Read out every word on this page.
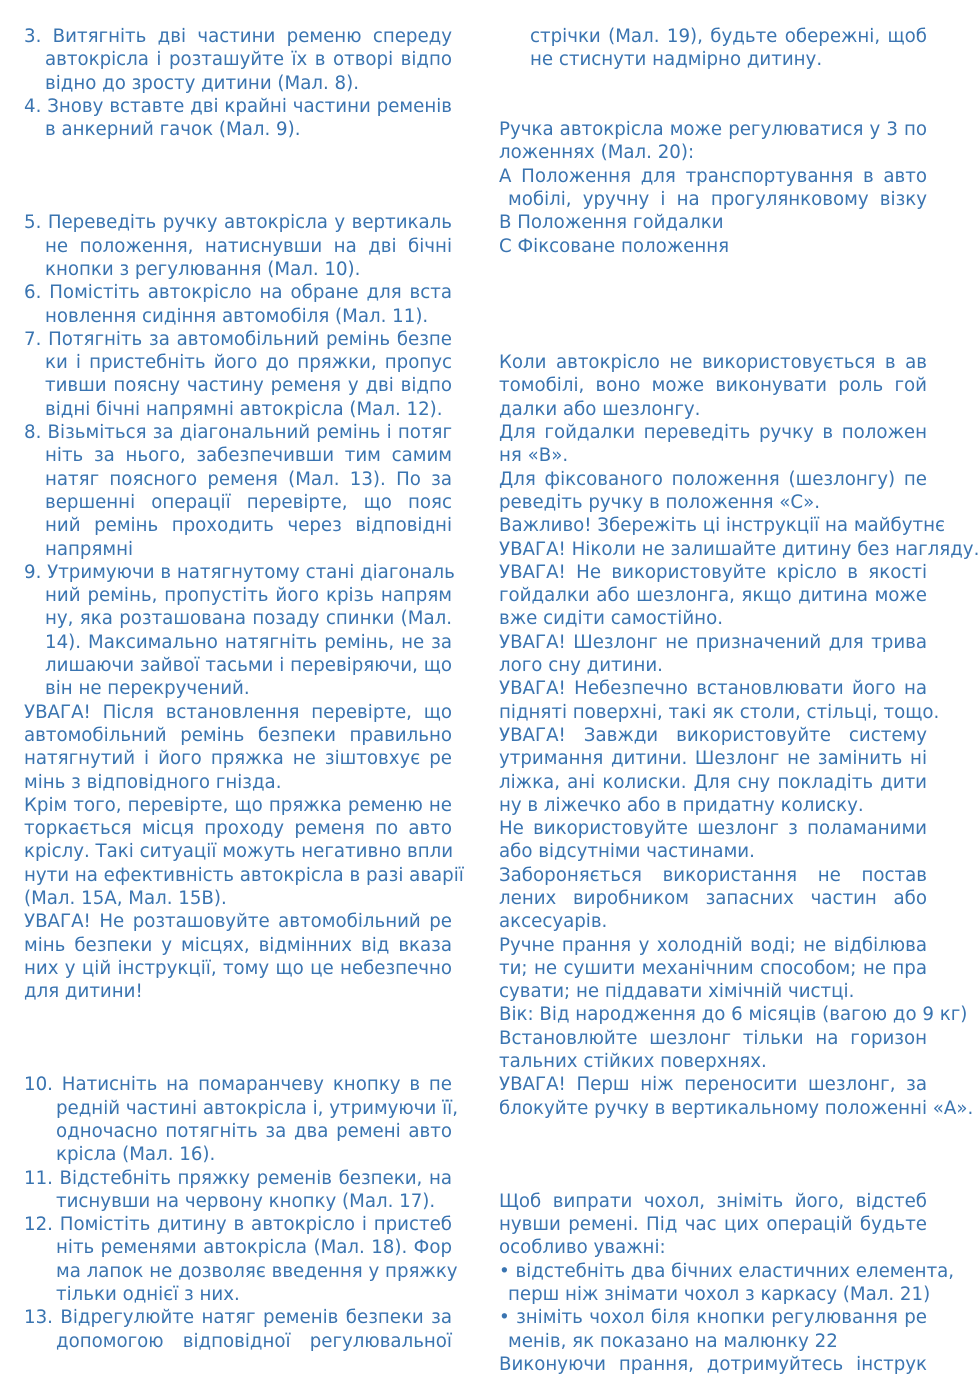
3. Витягніть дві частини ременю спереду
автокрісла і розташуйте їх в отворі відпо
відно до зросту дитини (Мал. 8).
4. Знову вставте дві крайні частини ременів
в анкерний гачок (Мал. 9).
5. Переведіть ручку автокрісла у вертикаль
не положення, натиснувши на дві бічні
кнопки з регулювання (Мал. 10).
6. Помістіть автокрісло на обране для вста
новлення сидіння автомобіля (Мал. 11).
7. Потягніть за автомобільний ремінь безпе
ки і пристебніть його до пряжки, пропус
тивши поясну частину ременя у дві відпо
відні бічні напрямні автокрісла (Мал. 12).
8. Візьміться за діагональний ремінь і потяг
ніть за нього, забезпечивши тим самим
натяг поясного ременя (Мал. 13). По за
вершенні операції перевірте, що пояс
ний ремінь проходить через відповідні
напрямні
9. Утримуючи в натягнутому стані діагональ
ний ремінь, пропустіть його крізь напрям
ну, яка розташована позаду спинки (Мал.
14). Максимально натягніть ремінь, не за
лишаючи зайвої тасьми і перевіряючи, що
він не перекручений.
УВАГА! Після встановлення перевірте, що
автомобільний ремінь безпеки правильно
натягнутий і його пряжка не зіштовхує ре
мінь з відповідного гнізда.
Крім того, перевірте, що пряжка ременю не
торкається місця проходу ременя по авто
кріслу. Такі ситуації можуть негативно впли
нути на ефективність автокрісла в разі аварії
(Мал. 15А, Мал. 15В).
УВАГА! Не розташовуйте автомобільний ре
мінь безпеки у місцях, відмінних від вказа
них у цій інструкції, тому що це небезпечно
для дитини!
10. Натисніть на помаранчеву кнопку в пе
редній частині автокрісла і, утримуючи її,
одночасно потягніть за два ремені авто
крісла (Мал. 16).
11. Відстебніть пряжку ременів безпеки, на
тиснувши на червону кнопку (Мал. 17).
12. Помістіть дитину в автокрісло і пристеб
ніть ременями автокрісла (Мал. 18). Фор
ма лапок не дозволяє введення у пряжку
тільки однієї з них.
13. Відрегулюйте натяг ременів безпеки за
допомогою відповідної регулювальної
стрічки (Мал. 19), будьте обережні, щоб
не стиснути надмірно дитину.
Ручка автокрісла може регулюватися у 3 по
ложеннях (Мал. 20):
A Положення для транспортування в авто
мобілі, уручну і на прогулянковому візку
B Положення гойдалки
C Фіксоване положення
Коли автокрісло не використовується в ав
томобілі, воно може виконувати роль гой
далки або шезлонгу.
Для гойдалки переведіть ручку в положен
ня «В».
Для фіксованого положення (шезлонгу) пе
реведіть ручку в положення «С».
Важливо! Збережіть ці інструкції на майбутнє
УВАГА! Ніколи не залишайте дитину без нагляду.
УВАГА! Не використовуйте крісло в якості
гойдалки або шезлонга, якщо дитина може
вже сидіти самостійно.
УВАГА! Шезлонг не призначений для трива
лого сну дитини.
УВАГА! Небезпечно встановлювати його на
підняті поверхні, такі як столи, стільці, тощо.
УВАГА! Завжди використовуйте систему
утримання дитини. Шезлонг не замінить ні
ліжка, ані колиски. Для сну покладіть дити
ну в ліжечко або в придатну колиску.
Не використовуйте шезлонг з поламаними
або відсутніми частинами.
Забороняється використання не постав
лених виробником запасних частин або
аксесуарів.
Ручне прання у холодній воді; не відбілюва
ти; не сушити механічним способом; не пра
сувати; не піддавати хімічній чистці.
Вік: Від народження до 6 місяців (вагою до 9 кг)
Встановлюйте шезлонг тільки на горизон
тальних стійких поверхнях.
УВАГА! Перш ніж переносити шезлонг, за
блокуйте ручку в вертикальному положенні «А».
Щоб випрати чохол, зніміть його, відстеб
нувши ремені. Під час цих операцій будьте
особливо уважні:
• відстебніть два бічних еластичних елемента,
перш ніж знімати чохол з каркасу (Мал. 21)
• зніміть чохол біля кнопки регулювання ре
менів, як показано на малюнку 22
Виконуючи прання, дотримуйтесь інструк
